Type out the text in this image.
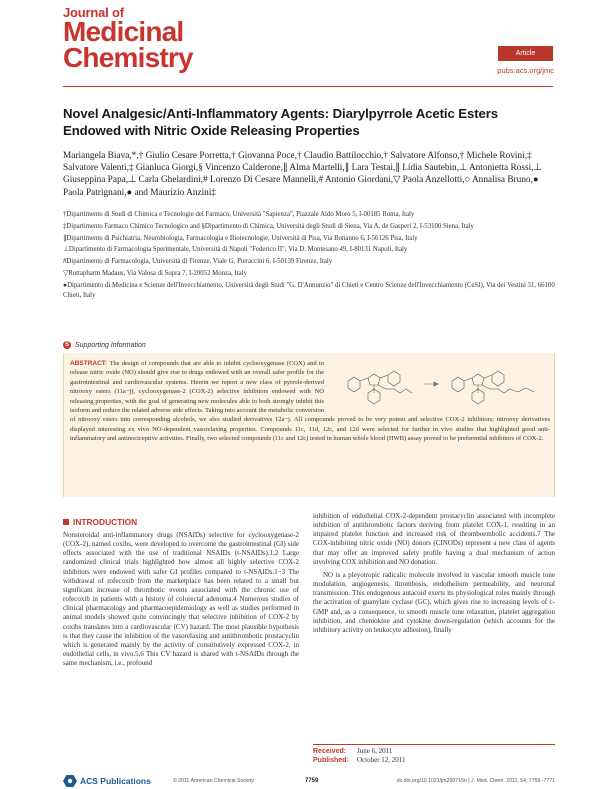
Journal of
Medicinal
Chemistry	Article
pubs.acs.org/jmc
Novel Analgesic/Anti-Inflammatory Agents: Diarylpyrrole Acetic Esters Endowed with Nitric Oxide Releasing Properties
Mariangela Biava,*,† Giulio Cesare Porretta,† Giovanna Poce,† Claudio Battilocchio,† Salvatore Alfonso,† Michele Rovini,‡ Salvatore Valenti,‡ Gianluca Giorgi,§ Vincenzo Calderone,∥ Alma Martelli,∥ Lara Testai,∥ Lidia Sautebin,⊥ Antonietta Rossi,⊥ Giuseppina Papa,⊥ Carla Ghelardini,# Lorenzo Di Cesare Mannelli,# Antonio Giordani,▽ Paola Anzellotti,○ Annalisa Bruno,● Paola Patrignani,● and Maurizio Anzini‡

†Dipartimento di Studi di Chimica e Tecnologie del Farmaco, Università "Sapienza", Piazzale Aldo Moro 5, I-00185 Roma, Italy

‡Dipartimento Farmaco Chimico Tecnologico and §Dipartimento di Chimica, Università degli Studi di Siena, Via A. de Gasperi 2, I-53100 Siena, Italy

∥Dipartimento di Psichiatria, Neurobiologia, Farmacologia e Biotecnologie, Università di Pisa, Via Bonanno 6, I-56126 Pisa, Italy

⊥Dipartimento di Farmacologia Sperimentale, Università di Napoli "Federico II", Via D. Montesano 49, I-80131 Napoli, Italy

#Dipartimento di Farmacologia, Università di Firenze, Viale G. Pieraccini 6, I-50139 Firenze, Italy

▽Rottapharm Madaus, Via Valosa di Sopra 7, I-20052 Monza, Italy

●Dipartimento di Medicina e Scienze dell'Invecchiamento, Università degli Studi "G. D'Annunzio" di Chieti e Centro Scienze dell'Invecchiamento (CeSI), Via dei Vestini 31, 66100 Chieti, Italy

S Supporting Information
ABSTRACT: The design of compounds that are able to inhibit cyclooxygenase (COX) and to release nitric oxide (NO) should give rise to drugs endowed with an overall safer profile for the gastrointestinal and cardiovascular systems. Herein we report a new class of pyrrole-derived nitrooxy esters (11a−j), cyclooxygenase-2 (COX-2) selective inhibitors endowed with NO releasing properties, with the goal of generating new molecules able to both strongly inhibit this isoform and reduce the related adverse side effects. Taking into account the metabolic conversion of nitrooxy esters into corresponding alcohols, we also studied derivatives 12a−j. All compounds proved to be very potent and selective COX-2 inhibitors; nitrooxy derivatives displayed interesting ex vivo NO-dependent vasorelaxing properties. Compounds 11c, 11d, 12c, and 12d were selected for further in vivo studies that highlighted good anti-inflammatory and antinociceptive activities. Finally, two selected compounds (11c and 12c) tested in human whole blood (HWB) assay proved to be preferential inhibitors of COX-2.
INTRODUCTION

Nonsteroidal anti-inflammatory drugs (NSAIDs) selective for cyclooxygenase-2 (COX-2), named coxibs, were developed to overcome the gastrointestinal (GI) side effects associated with the use of traditional NSAIDs (t-NSAIDs).1,2 Large randomized clinical trials highlighted how almost all highly selective COX-2 inhibitors were endowed with safer GI profiles compared to t-NSAIDs.1−3 The withdrawal of rofecoxib from the marketplace has been related to a small but significant increase of thrombotic events associated with the chronic use of rofecoxib in patients with a history of colorectal adenoma.4 Numerous studies of clinical pharmacology and pharmacoepidemiology as well as studies performed in animal models showed quite convincingly that selective inhibition of COX-2 by coxibs translates into a cardiovascular (CV) hazard. The most plausible hypothesis is that they cause the inhibition of the vasorelaxing and antithrombotic prostacyclin which is generated mainly by the activity of constitutively expressed COX-2, in endothelial cells, in vivo.5,6 This CV hazard is shared with t-NSAIDs through the same mechanism, i.e., profound

inhibition of endothelial COX-2-dependent prostacyclin associated with incomplete inhibition of antithrombotic factors deriving from platelet COX-1, resulting in an impaired platelet function and increased risk of thromboembolic accidents.7 The COX-inhibiting nitric oxide (NO) donors (CINODs) represent a new class of agents that may offer an improved safety profile having a dual mechanism of action involving COX inhibition and NO donation.

NO is a pleyotropic radicalic molecule involved in vascular smooth muscle tone modulation, angiogenesis, thrombosis, endothelium permeability, and neuronal transmission. This endogenous autacoid exerts its physiological roles mainly through the activation of guanylate cyclase (GC), which gives rise to increasing levels of c-GMP and, as a consequence, to smooth muscle tone relaxation, platelet aggregation inhibition, and chemokine and cytokine down-regulation (which accounts for the inhibitory activity on leukocyte adhesion), finally

Received: June 6, 2011
Published: October 12, 2011
ACS Publications	© 2011 American Chemical Society	7759	dx.doi.org/10.1021/jm200715n | J. Med. Chem. 2011, 54, 7759−7771
